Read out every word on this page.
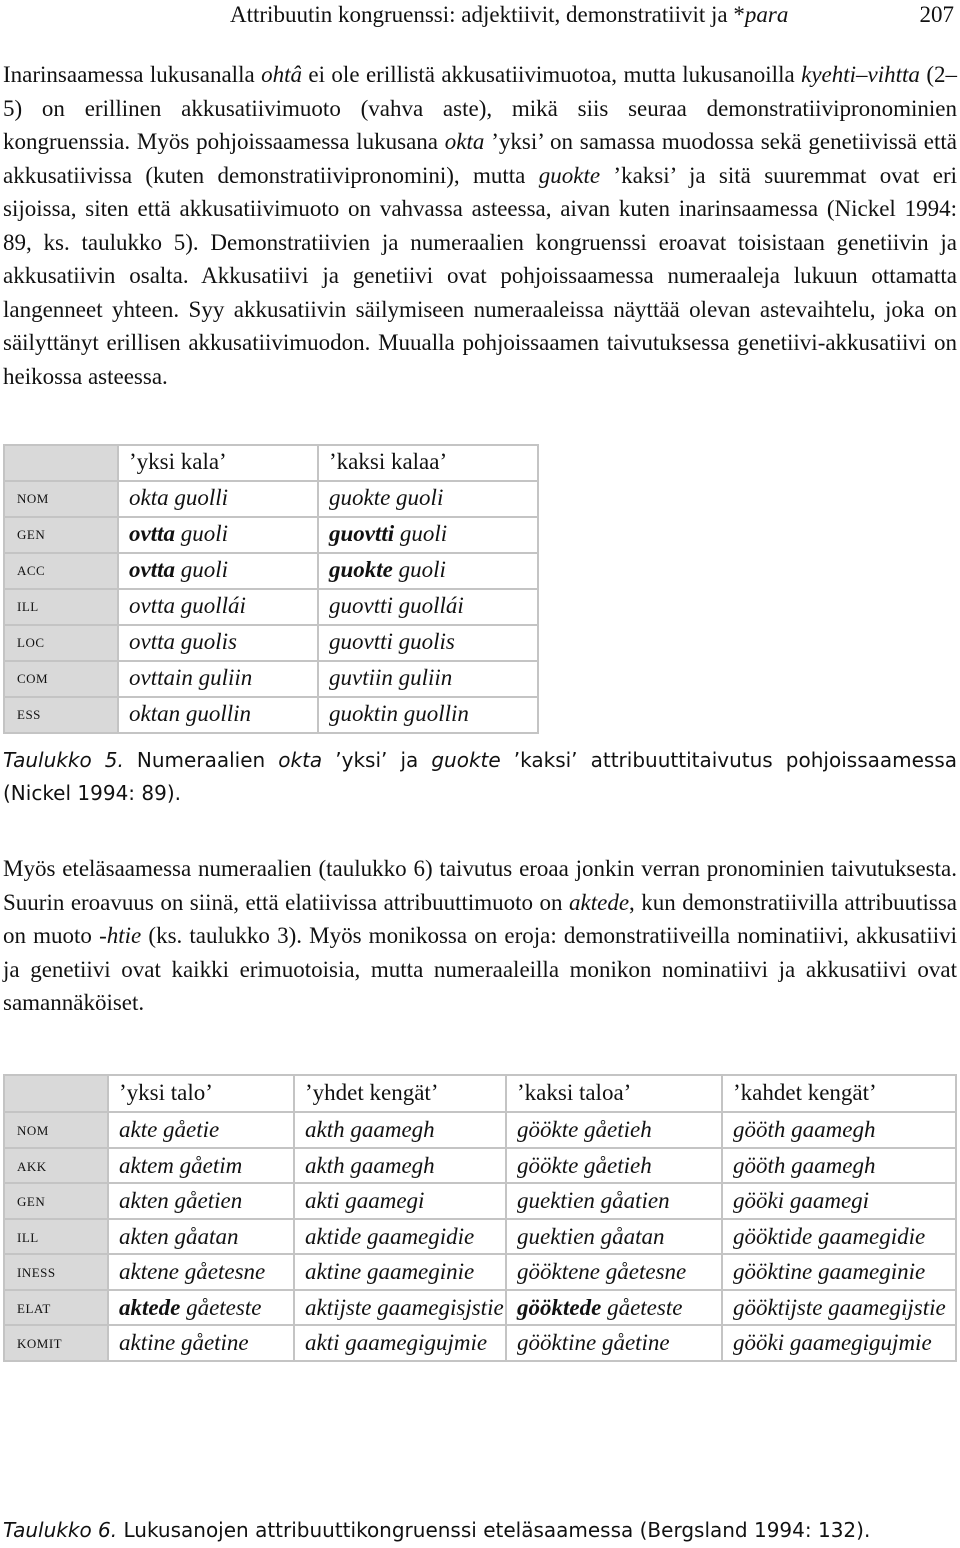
Attribuutin kongruenssi: adjektiivit, demonstratiivit ja *para	207
Inarinsaamessa lukusanalla ohtâ ei ole erillistä akkusatiivimuotoa, mutta lukusanoilla kyehti–vihtta (2–5) on erillinen akkusatiivimuoto (vahva aste), mikä siis seuraa demonstratiivipronominien kongruenssia. Myös pohjoissaamessa lukusana okta ’yksi’ on samassa muodossa sekä genetiivissä että akkusatiivissa (kuten demonstratiivipronomini), mutta guokte ’kaksi’ ja sitä suuremmat ovat eri sijoissa, siten että akkusatiivimuoto on vahvassa asteessa, aivan kuten inarinsaamessa (Nickel 1994: 89, ks. taulukko 5). Demonstratiivien ja numeraalien kongruenssi eroavat toisistaan genetiivin ja akkusatiivin osalta. Akkusatiivi ja genetiivi ovat pohjoissaamessa numeraaleja lukuun ottamatta langenneet yhteen. Syy akkusatiivin säilymiseen numeraaleissa näyttää olevan astevaihtelu, joka on säilyttänyt erillisen akkusatiivimuodon. Muualla pohjoissaamen taivutuksessa genetiivi-akkusatiivi on heikossa asteessa.
	’yksi kala’	’kaksi kalaa’
nom	okta guolli	guokte guoli
gen	ovtta guoli	guovtti guoli
acc	ovtta guoli	guokte guoli
ill	ovtta guollái	guovtti guollái
loc	ovtta guolis	guovtti guolis
com	ovttain guliin	guvtiin guliin
ess	oktan guollin	guoktin guollin
Taulukko 5. Numeraalien okta ’yksi’ ja guokte ’kaksi’ attribuuttitaivutus pohjoissaamessa (Nickel 1994: 89).
Myös eteläsaamessa numeraalien (taulukko 6) taivutus eroaa jonkin verran pronominien taivutuksesta. Suurin eroavuus on siinä, että elatiivissa attribuuttimuoto on aktede, kun demonstratiivilla attribuutissa on muoto -htie (ks. taulukko 3). Myös monikossa on eroja: demonstratiiveilla nominatiivi, akkusatiivi ja genetiivi ovat kaikki erimuotoisia, mutta numeraaleilla monikon nominatiivi ja akkusatiivi ovat samannäköiset.
	’yksi talo’	’yhdet kengät’	’kaksi taloa’	’kahdet kengät’
nom	akte gåetie	akth gaamegh	göökte gåetieh	gööth gaamegh
akk	aktem gåetim	akth gaamegh	göökte gåetieh	gööth gaamegh
gen	akten gåetien	akti gaamegi	guektien gåatien	gööki gaamegi
ill	akten gåatan	aktide gaamegidie	guektien gåatan	gööktide gaamegidie
iness	aktene gåetesne	aktine gaameginie	gööktene gåetesne	gööktine gaameginie
elat	aktede gåeteste	aktijste gaamegisjstie	gööktede gåeteste	gööktijste gaamegijstie
komit	aktine gåetine	akti gaamegigujmie	gööktine gåetine	gööki gaamegigujmie
Taulukko 6. Lukusanojen attribuuttikongruenssi eteläsaamessa (Bergsland 1994: 132).
